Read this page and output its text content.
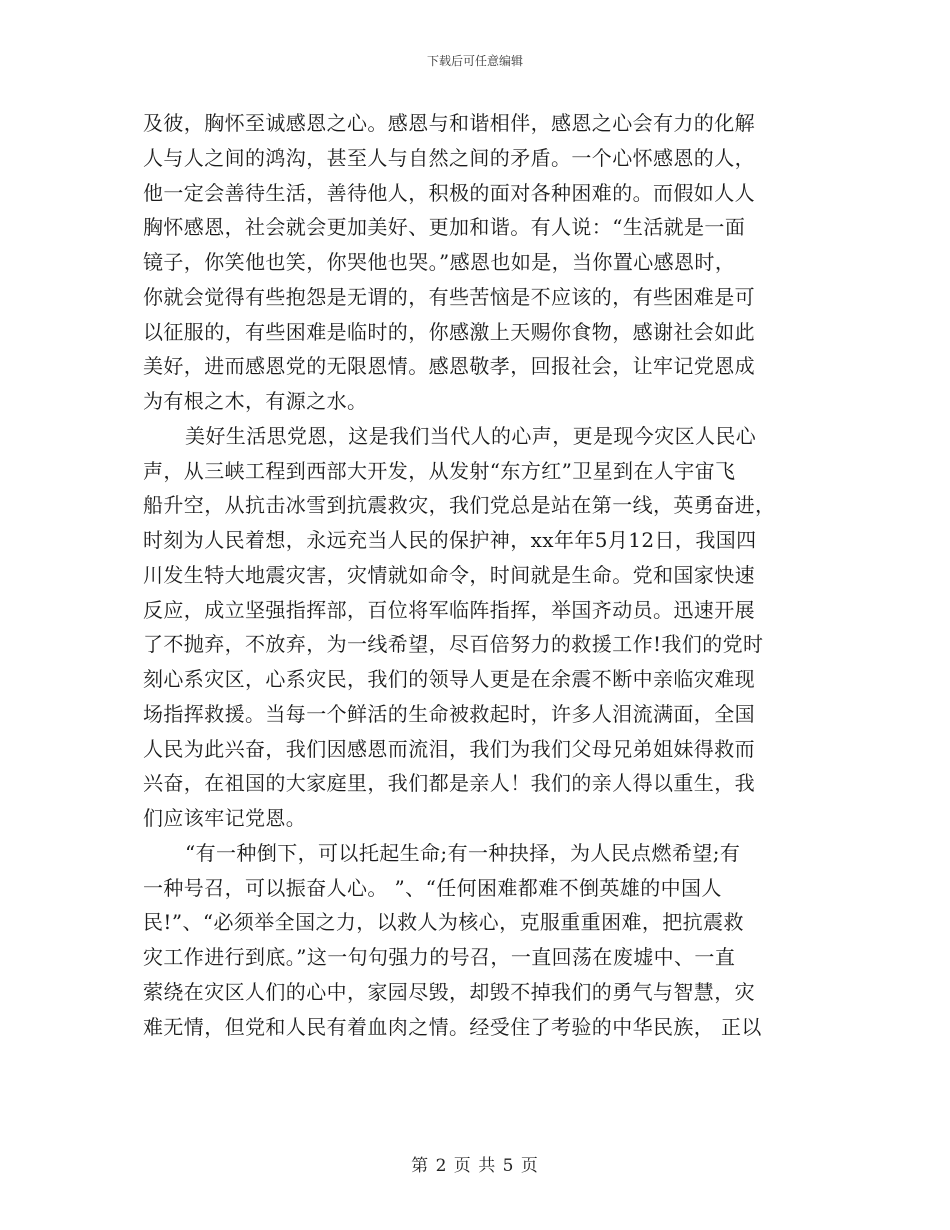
下载后可任意编辑

及彼，胸怀至诚感恩之心。感恩与和谐相伴，感恩之心会有力的化解
人与人之间的鸿沟，甚至人与自然之间的矛盾。一个心怀感恩的人，
他一定会善待生活，善待他人，积极的面对各种困难的。而假如人人
胸怀感恩，社会就会更加美好、更加和谐。有人说：“生活就是一面
镜子，你笑他也笑，你哭他也哭。”感恩也如是，当你置心感恩时，
你就会觉得有些抱怨是无谓的，有些苦恼是不应该的，有些困难是可
以征服的，有些困难是临时的，你感激上天赐你食物，感谢社会如此
美好，进而感恩党的无限恩情。感恩敬孝，回报社会，让牢记党恩成
为有根之木，有源之水。

美好生活思党恩，这是我们当代人的心声，更是现今灾区人民心
声，从三峡工程到西部大开发，从发射“东方红”卫星到在人宇宙飞
船升空，从抗击冰雪到抗震救灾，我们党总是站在第一线，英勇奋进，
时刻为人民着想，永远充当人民的保护神，xx年年5月12日，我国四
川发生特大地震灾害，灾情就如命令，时间就是生命。党和国家快速
反应，成立坚强指挥部，百位将军临阵指挥，举国齐动员。迅速开展
了不抛弃，不放弃，为一线希望，尽百倍努力的救援工作!我们的党时
刻心系灾区，心系灾民，我们的领导人更是在余震不断中亲临灾难现
场指挥救援。当每一个鲜活的生命被救起时，许多人泪流满面，全国
人民为此兴奋，我们因感恩而流泪，我们为我们父母兄弟姐妹得救而
兴奋，在祖国的大家庭里，我们都是亲人！我们的亲人得以重生，我
们应该牢记党恩。

“有一种倒下，可以托起生命;有一种抉择，为人民点燃希望;有
一种号召，可以振奋人心。 ”、“任何困难都难不倒英雄的中国人
民!”、“必须举全国之力，以救人为核心，克服重重困难，把抗震救
灾工作进行到底。”这一句句强力的号召，一直回荡在废墟中、一直
萦绕在灾区人们的心中，家园尽毁，却毁不掉我们的勇气与智慧，灾
难无情，但党和人民有着血肉之情。经受住了考验的中华民族， 正以

第 2 页 共 5 页
